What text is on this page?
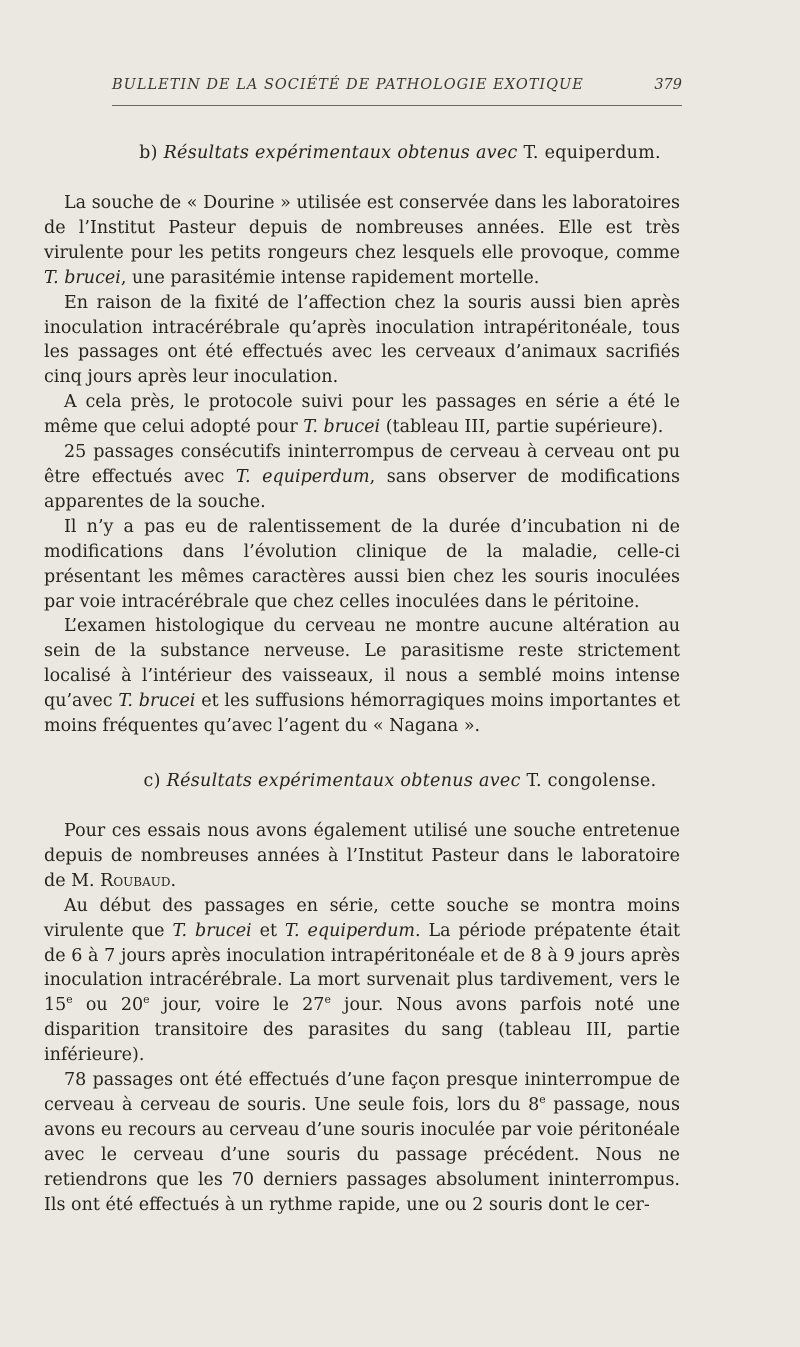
BULLETIN DE LA SOCIÉTÉ DE PATHOLOGIE EXOTIQUE	379
b) Résultats expérimentaux obtenus avec T. equiperdum.

La souche de « Dourine » utilisée est conservée dans les laboratoires de l’Institut Pasteur depuis de nombreuses années. Elle est très virulente pour les petits rongeurs chez lesquels elle provoque, comme T. brucei, une parasitémie intense rapidement mortelle.

En raison de la fixité de l’affection chez la souris aussi bien après inoculation intracérébrale qu’après inoculation intrapéritonéale, tous les passages ont été effectués avec les cerveaux d’animaux sacrifiés cinq jours après leur inoculation.

A cela près, le protocole suivi pour les passages en série a été le même que celui adopté pour T. brucei (tableau III, partie supérieure).

25 passages consécutifs ininterrompus de cerveau à cerveau ont pu être effectués avec T. equiperdum, sans observer de modifications apparentes de la souche.

Il n’y a pas eu de ralentissement de la durée d’incubation ni de modifications dans l’évolution clinique de la maladie, celle-ci présentant les mêmes caractères aussi bien chez les souris inoculées par voie intracérébrale que chez celles inoculées dans le péritoine.

L’examen histologique du cerveau ne montre aucune altération au sein de la substance nerveuse. Le parasitisme reste strictement localisé à l’intérieur des vaisseaux, il nous a semblé moins intense qu’avec T. brucei et les suffusions hémorragiques moins importantes et moins fréquentes qu’avec l’agent du « Nagana ».

c) Résultats expérimentaux obtenus avec T. congolense.

Pour ces essais nous avons également utilisé une souche entretenue depuis de nombreuses années à l’Institut Pasteur dans le laboratoire de M. Roubaud.

Au début des passages en série, cette souche se montra moins virulente que T. brucei et T. equiperdum. La période prépatente était de 6 à 7 jours après inoculation intrapéritonéale et de 8 à 9 jours après inoculation intracérébrale. La mort survenait plus tardivement, vers le 15e ou 20e jour, voire le 27e jour. Nous avons parfois noté une disparition transitoire des parasites du sang (tableau III, partie inférieure).

78 passages ont été effectués d’une façon presque ininterrompue de cerveau à cerveau de souris. Une seule fois, lors du 8e passage, nous avons eu recours au cerveau d’une souris inoculée par voie péritonéale avec le cerveau d’une souris du passage précédent. Nous ne retiendrons que les 70 derniers passages absolument ininterrompus. Ils ont été effectués à un rythme rapide, une ou 2 souris dont le cer-
